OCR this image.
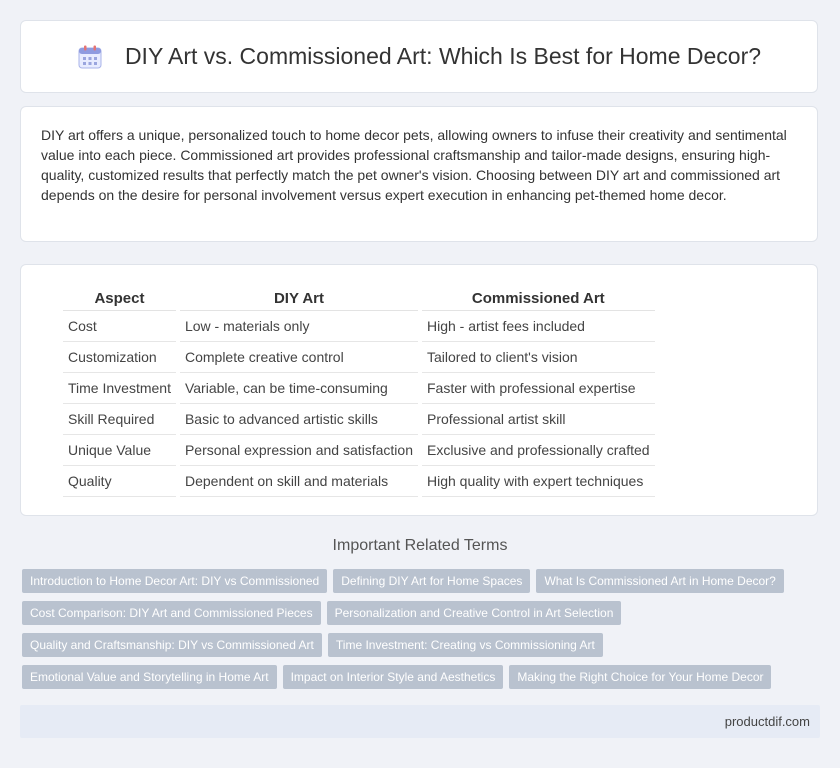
DIY Art vs. Commissioned Art: Which Is Best for Home Decor?

DIY art offers a unique, personalized touch to home decor pets, allowing owners to infuse their creativity and sentimental value into each piece. Commissioned art provides professional craftsmanship and tailor-made designs, ensuring high-quality, customized results that perfectly match the pet owner's vision. Choosing between DIY art and commissioned art depends on the desire for personal involvement versus expert execution in enhancing pet-themed home decor.

Aspect	DIY Art	Commissioned Art
Cost	Low - materials only	High - artist fees included
Customization	Complete creative control	Tailored to client's vision
Time Investment	Variable, can be time-consuming	Faster with professional expertise
Skill Required	Basic to advanced artistic skills	Professional artist skill
Unique Value	Personal expression and satisfaction	Exclusive and professionally crafted
Quality	Dependent on skill and materials	High quality with expert techniques
Important Related Terms
Introduction to Home Decor Art: DIY vs Commissioned Defining DIY Art for Home Spaces What Is Commissioned Art in Home Decor?
Cost Comparison: DIY Art and Commissioned Pieces Personalization and Creative Control in Art Selection
Quality and Craftsmanship: DIY vs Commissioned Art Time Investment: Creating vs Commissioning Art
Emotional Value and Storytelling in Home Art Impact on Interior Style and Aesthetics Making the Right Choice for Your Home Decor
productdif.com
